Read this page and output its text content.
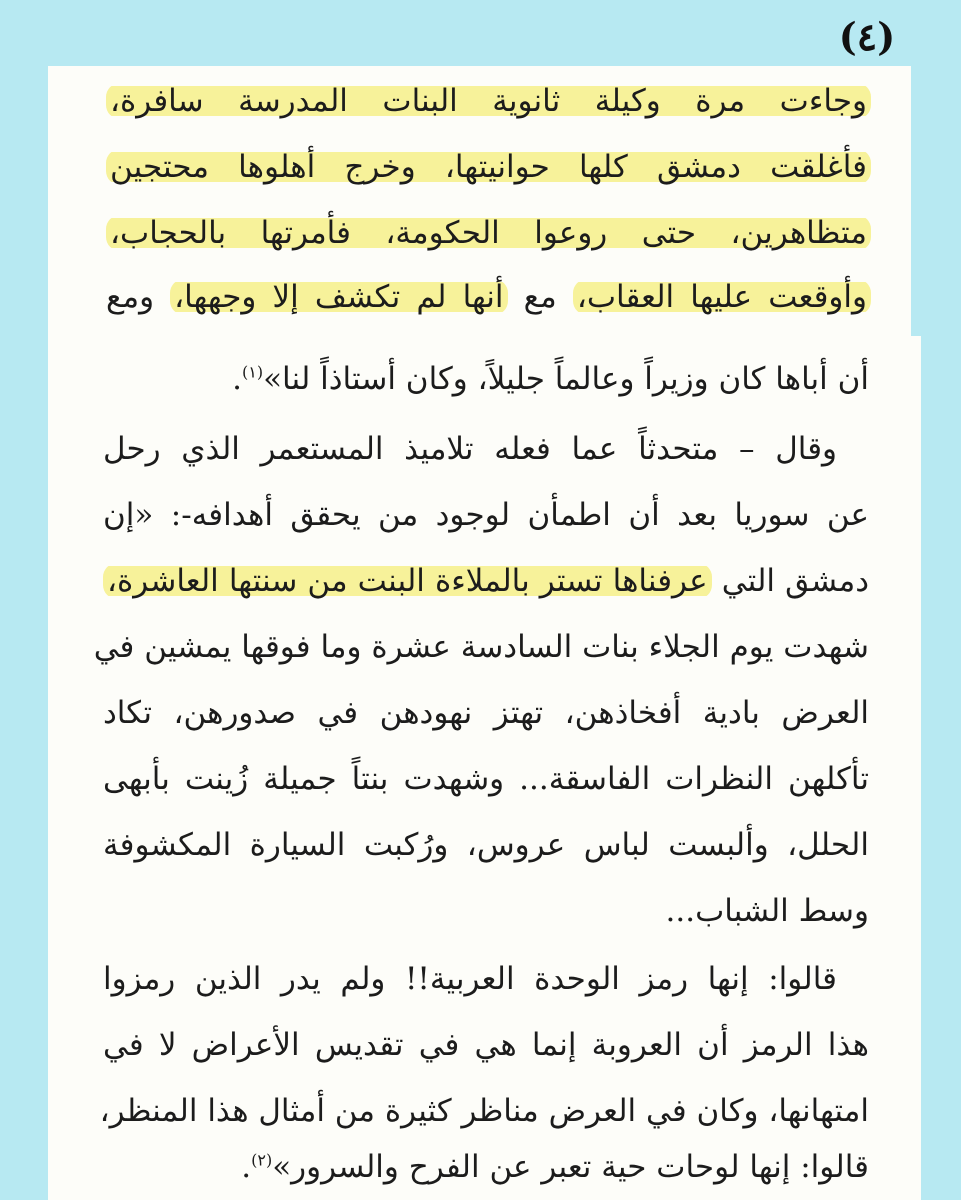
(٤)
وجاءت مرة وكيلة ثانوية البنات المدرسة سافرة،
فأغلقت دمشق كلها حوانيتها، وخرج أهلوها محتجين
متظاهرين، حتى روعوا الحكومة، فأمرتها بالحجاب،
وأوقعت عليها العقاب، مع أنها لم تكشف إلا وجهها، ومع
أن أباها كان وزيراً وعالماً جليلاً، وكان أستاذاً لنا»$^{(١)}$.
وقال – متحدثاً عما فعله تلاميذ المستعمر الذي رحل
عن سوريا بعد أن اطمأن لوجود من يحقق أهدافه-: «إن
دمشق التي عرفناها تستر بالملاءة البنت من سنتها العاشرة،
شهدت يوم الجلاء بنات السادسة عشرة وما فوقها يمشين في
العرض بادية أفخاذهن، تهتز نهودهن في صدورهن، تكاد
تأكلهن النظرات الفاسقة... وشهدت بنتاً جميلة زُينت بأبهى
الحلل، وألبست لباس عروس، ورُكبت السيارة المكشوفة
وسط الشباب...
قالوا: إنها رمز الوحدة العربية!! ولم يدر الذين رمزوا
هذا الرمز أن العروبة إنما هي في تقديس الأعراض لا في
امتهانها، وكان في العرض مناظر كثيرة من أمثال هذا المنظر،
قالوا: إنها لوحات حية تعبر عن الفرح والسرور»$^{(٢)}$.
